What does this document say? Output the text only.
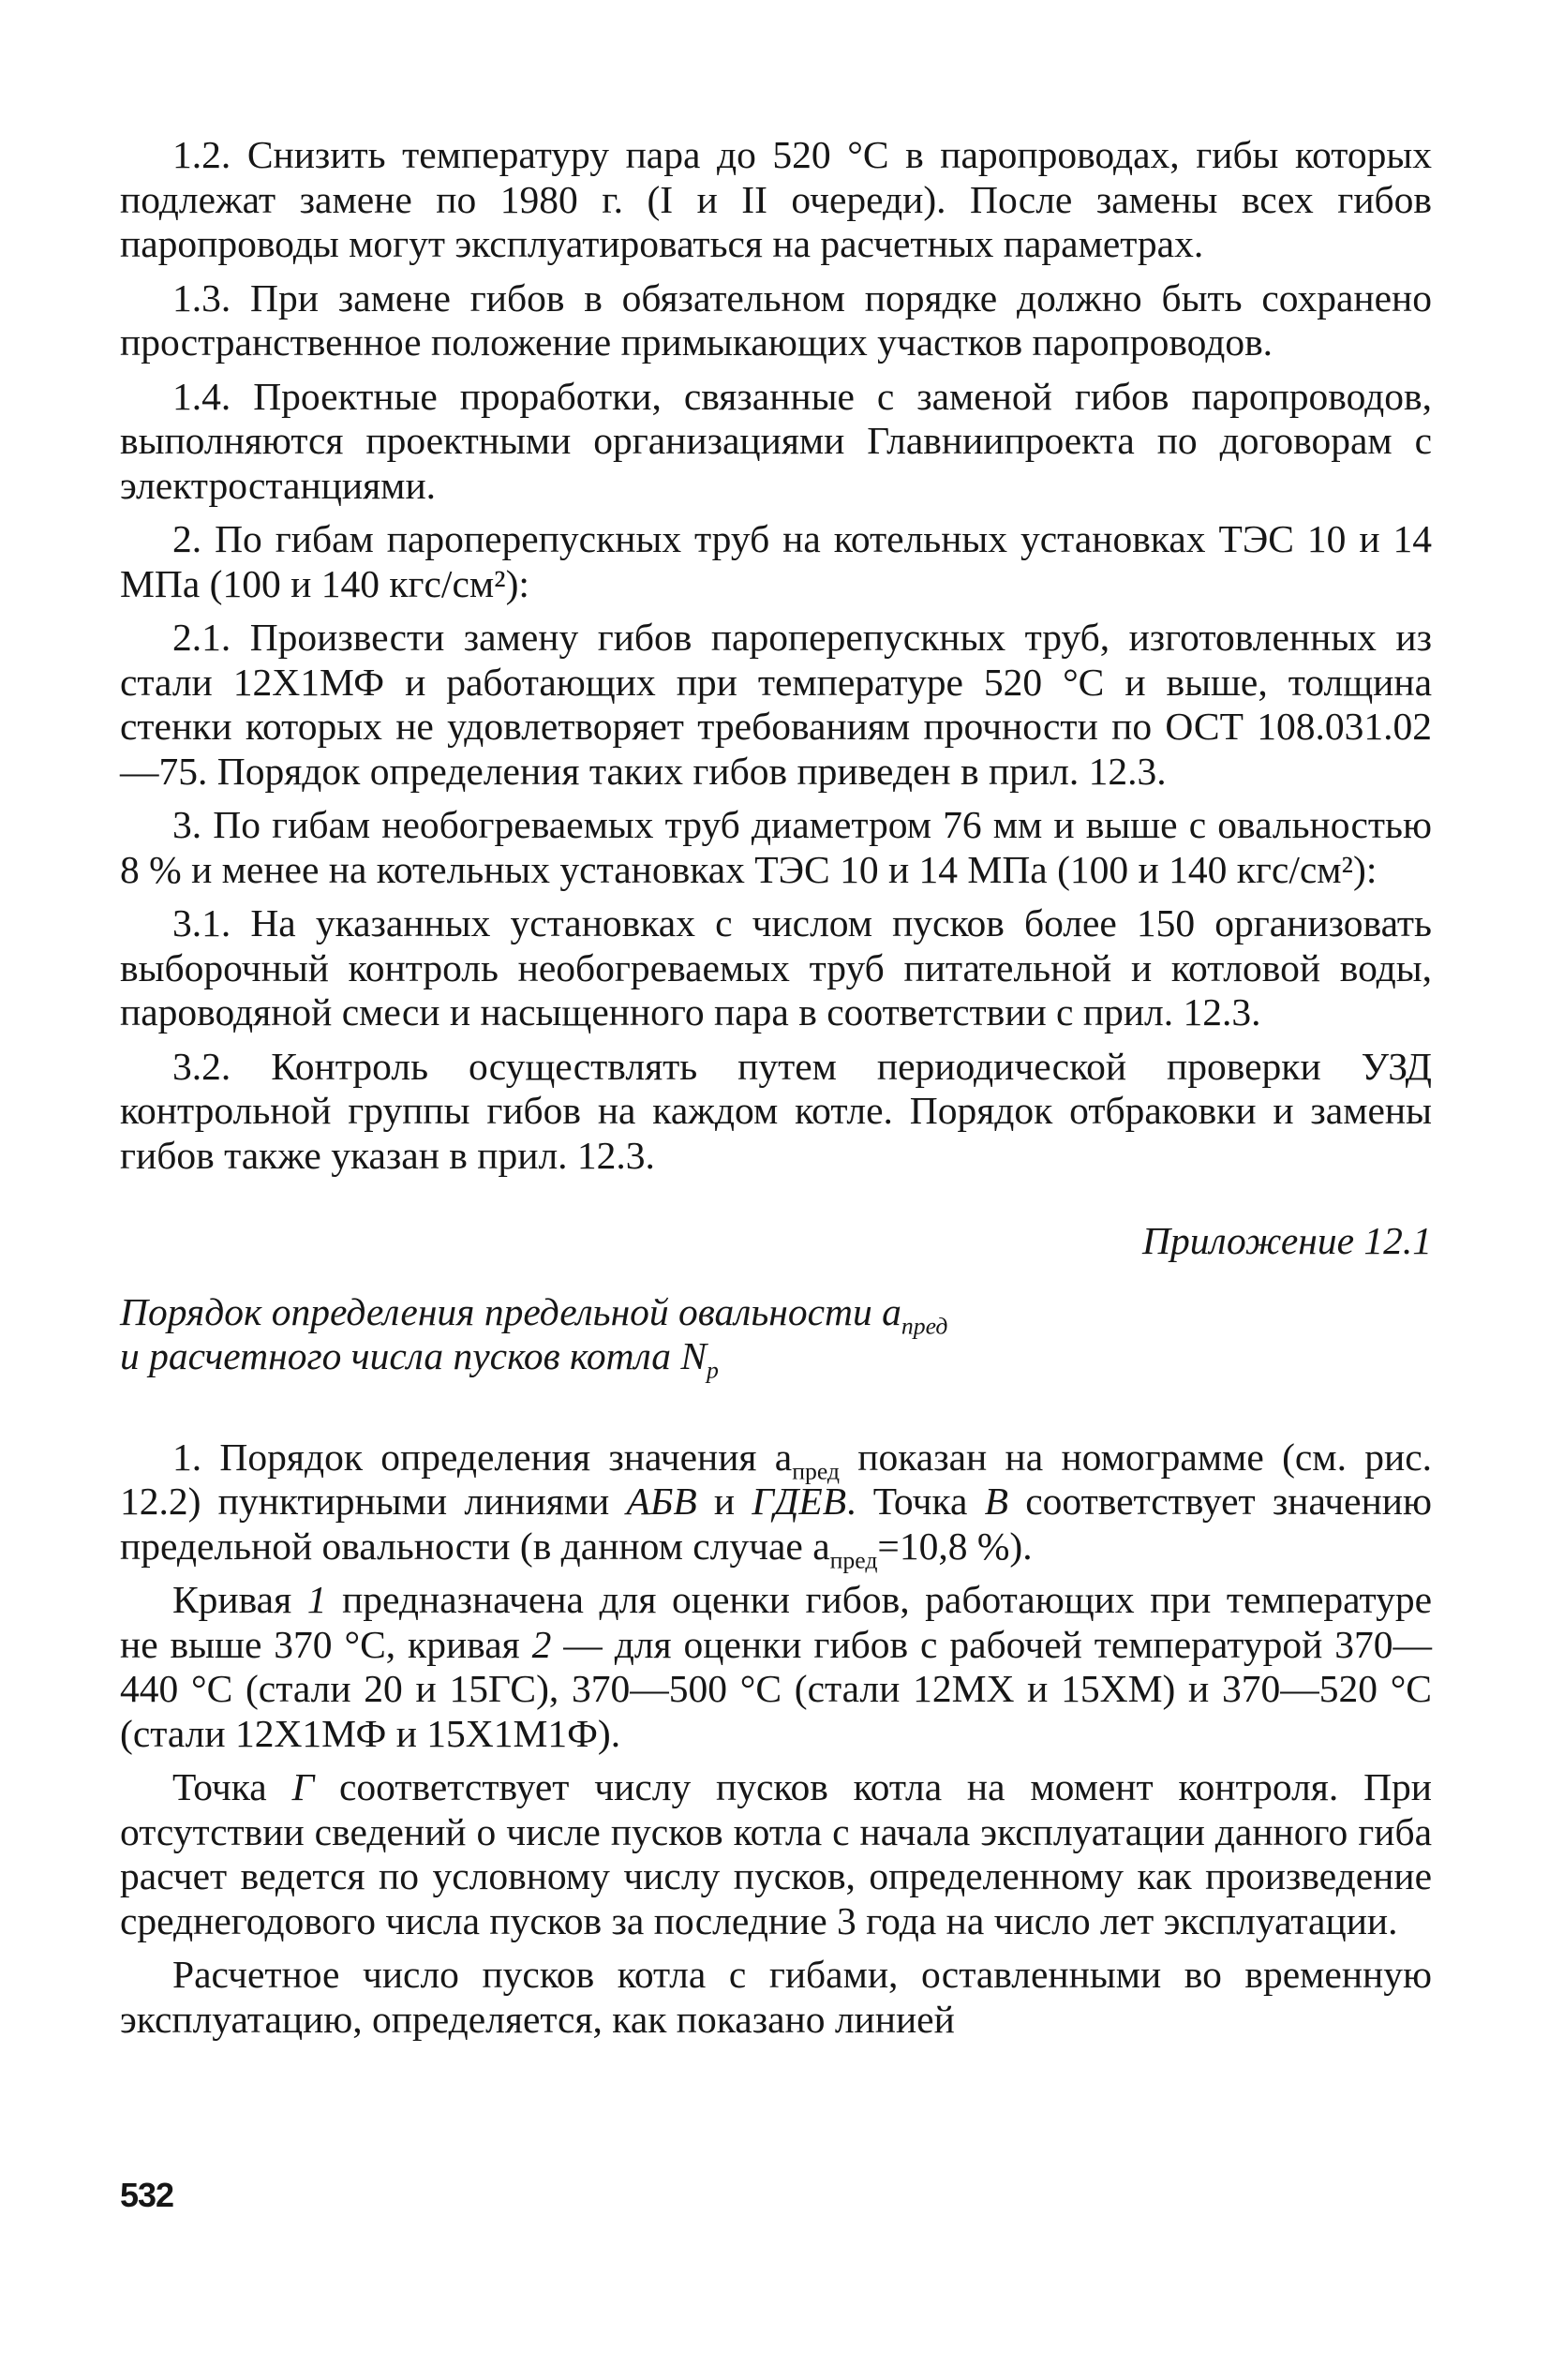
1.2. Снизить температуру пара до 520 °С в паропроводах, гибы которых подлежат замене по 1980 г. (I и II очереди). После замены всех гибов паропроводы могут эксплуатироваться на расчетных параметрах.

1.3. При замене гибов в обязательном порядке должно быть сохранено пространственное положение примыкающих участков паропроводов.

1.4. Проектные проработки, связанные с заменой гибов паропроводов, выполняются проектными организациями Главниипроекта по договорам с электростанциями.

2. По гибам пароперепускных труб на котельных установках ТЭС 10 и 14 МПа (100 и 140 кгс/см²):

2.1. Произвести замену гибов пароперепускных труб, изготовленных из стали 12Х1МФ и работающих при температуре 520 °С и выше, толщина стенки которых не удовлетворяет требованиям прочности по ОСТ 108.031.02—75. Порядок определения таких гибов приведен в прил. 12.3.

3. По гибам необогреваемых труб диаметром 76 мм и выше с овальностью 8 % и менее на котельных установках ТЭС 10 и 14 МПа (100 и 140 кгс/см²):

3.1. На указанных установках с числом пусков более 150 организовать выборочный контроль необогреваемых труб питательной и котловой воды, пароводяной смеси и насыщенного пара в соответствии с прил. 12.3.

3.2. Контроль осуществлять путем периодической проверки УЗД контрольной группы гибов на каждом котле. Порядок отбраковки и замены гибов также указан в прил. 12.3.

Приложение 12.1
Порядок определения предельной овальности $a_{пред}$
и расчетного числа пусков котла $N_р$

1. Порядок определения значения $a_{пред}$ показан на номограмме (см. рис. 12.2) пунктирными линиями АБВ и ГДЕВ. Точка В соответствует значению предельной овальности (в данном случае $a_{пред}=10,8$ %).

Кривая 1 предназначена для оценки гибов, работающих при температуре не выше 370 °С, кривая 2 — для оценки гибов с рабочей температурой 370—440 °С (стали 20 и 15ГС), 370—500 °С (стали 12МХ и 15ХМ) и 370—520 °С (стали 12Х1МФ и 15Х1М1Ф).

Точка Г соответствует числу пусков котла на момент контроля. При отсутствии сведений о числе пусков котла с начала эксплуатации данного гиба расчет ведется по условному числу пусков, определенному как произведение среднегодового числа пусков за последние 3 года на число лет эксплуатации.

Расчетное число пусков котла с гибами, оставленными во временную эксплуатацию, определяется, как показано линией

532
